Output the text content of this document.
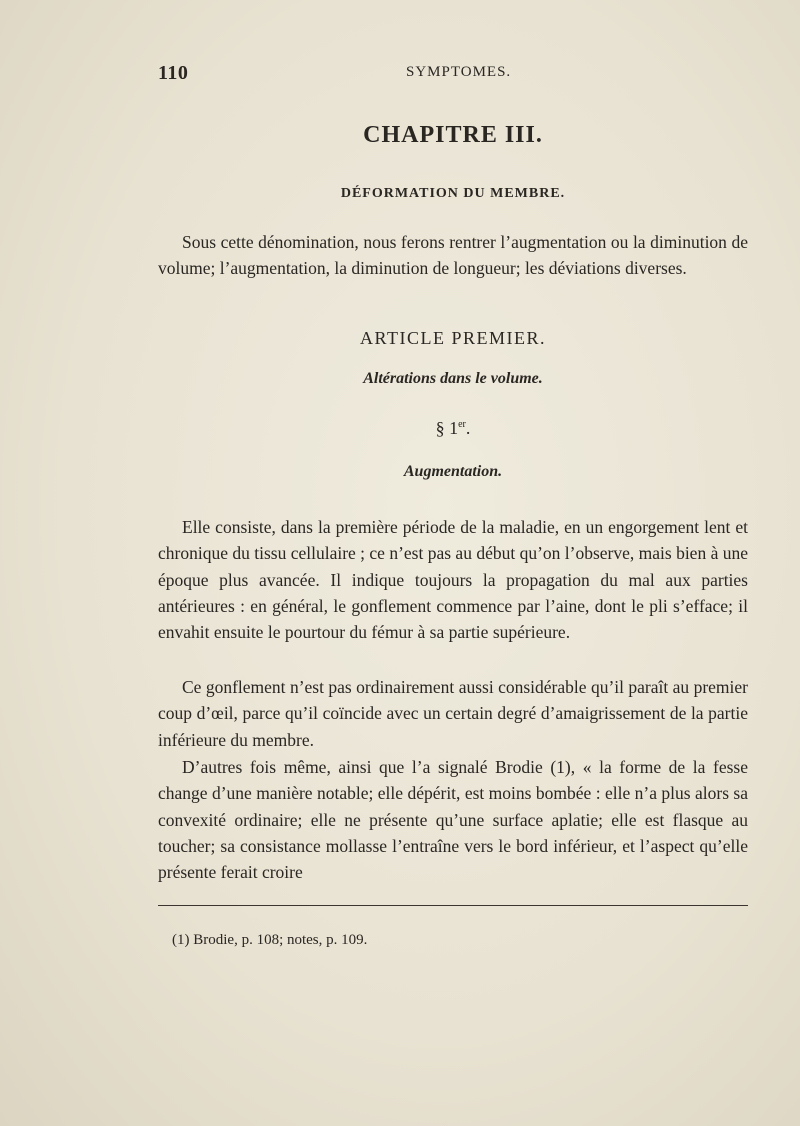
110	SYMPTOMES.
CHAPITRE III.
DÉFORMATION DU MEMBRE.

Sous cette dénomination, nous ferons rentrer l’augmentation ou la diminution de volume; l’augmentation, la diminution de longueur; les déviations diverses.

ARTICLE PREMIER.
Altérations dans le volume.
§ 1er.
Augmentation.

Elle consiste, dans la première période de la maladie, en un engorgement lent et chronique du tissu cellulaire ; ce n’est pas au début qu’on l’observe, mais bien à une époque plus avancée. Il indique toujours la propagation du mal aux parties antérieures : en général, le gonflement commence par l’aine, dont le pli s’efface; il envahit ensuite le pourtour du fémur à sa partie supérieure.

Ce gonflement n’est pas ordinairement aussi considérable qu’il paraît au premier coup d’œil, parce qu’il coïncide avec un certain degré d’amaigrissement de la partie inférieure du membre.

D’autres fois même, ainsi que l’a signalé Brodie (1), « la forme de la fesse change d’une manière notable; elle dépérit, est moins bombée : elle n’a plus alors sa convexité ordinaire; elle ne présente qu’une surface aplatie; elle est flasque au toucher; sa consistance mollasse l’entraîne vers le bord inférieur, et l’aspect qu’elle présente ferait croire

(1) Brodie, p. 108; notes, p. 109.
